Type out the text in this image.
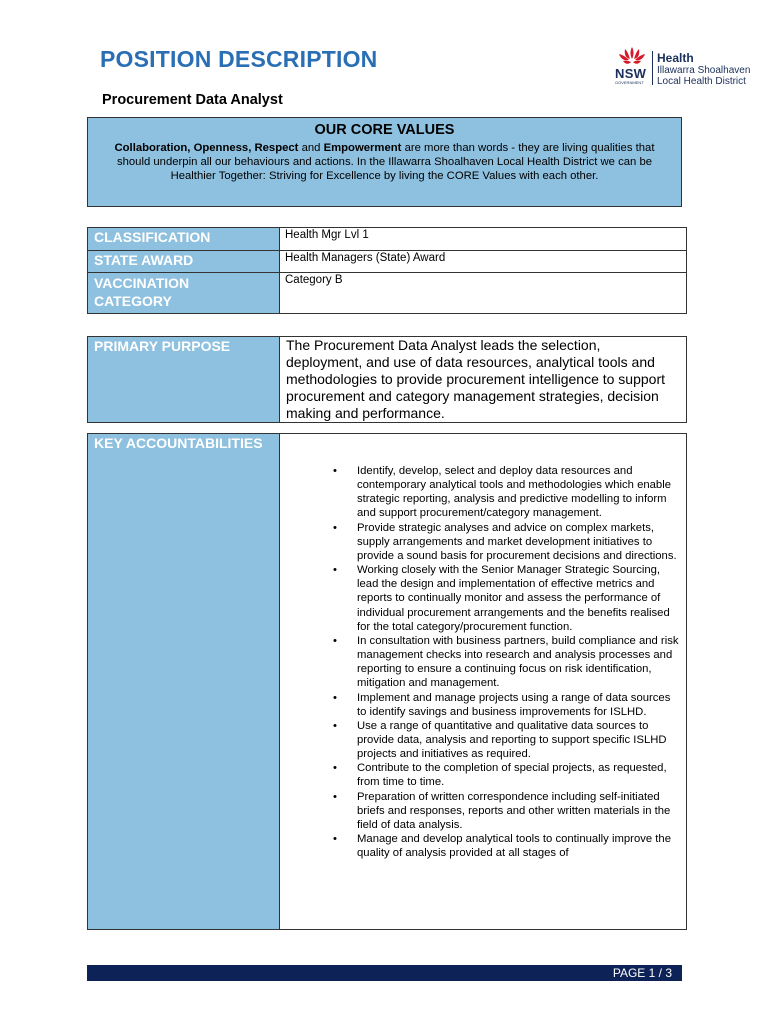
POSITION DESCRIPTION
Procurement Data Analyst
NSW
GOVERNMENT
Health
Illawarra Shoalhaven
Local Health District
OUR CORE VALUES
Collaboration, Openness, Respect and Empowerment are more than words - they are living qualities that should underpin all our behaviours and actions. In the Illawarra Shoalhaven Local Health District we can be Healthier Together: Striving for Excellence by living the CORE Values with each other.
CLASSIFICATION	Health Mgr Lvl 1
STATE AWARD	Health Managers (State) Award
VACCINATION CATEGORY	Category B
PRIMARY PURPOSE	The Procurement Data Analyst leads the selection, deployment, and use of data resources, analytical tools and methodologies to provide procurement intelligence to support procurement and category management strategies, decision making and performance.
KEY ACCOUNTABILITIES	
• Identify, develop, select and deploy data resources and contemporary analytical tools and methodologies which enable strategic reporting, analysis and predictive modelling to inform and support procurement/category management.
• Provide strategic analyses and advice on complex markets, supply arrangements and market development initiatives to provide a sound basis for procurement decisions and directions.
• Working closely with the Senior Manager Strategic Sourcing, lead the design and implementation of effective metrics and reports to continually monitor and assess the performance of individual procurement arrangements and the benefits realised for the total category/procurement function.
• In consultation with business partners, build compliance and risk management checks into research and analysis processes and reporting to ensure a continuing focus on risk identification, mitigation and management.
• Implement and manage projects using a range of data sources to identify savings and business improvements for ISLHD.
• Use a range of quantitative and qualitative data sources to provide data, analysis and reporting to support specific ISLHD projects and initiatives as required.
• Contribute to the completion of special projects, as requested, from time to time.
• Preparation of written correspondence including self-initiated briefs and responses, reports and other written materials in the field of data analysis.
• Manage and develop analytical tools to continually improve the quality of analysis provided at all stages of
PAGE 1 / 3
